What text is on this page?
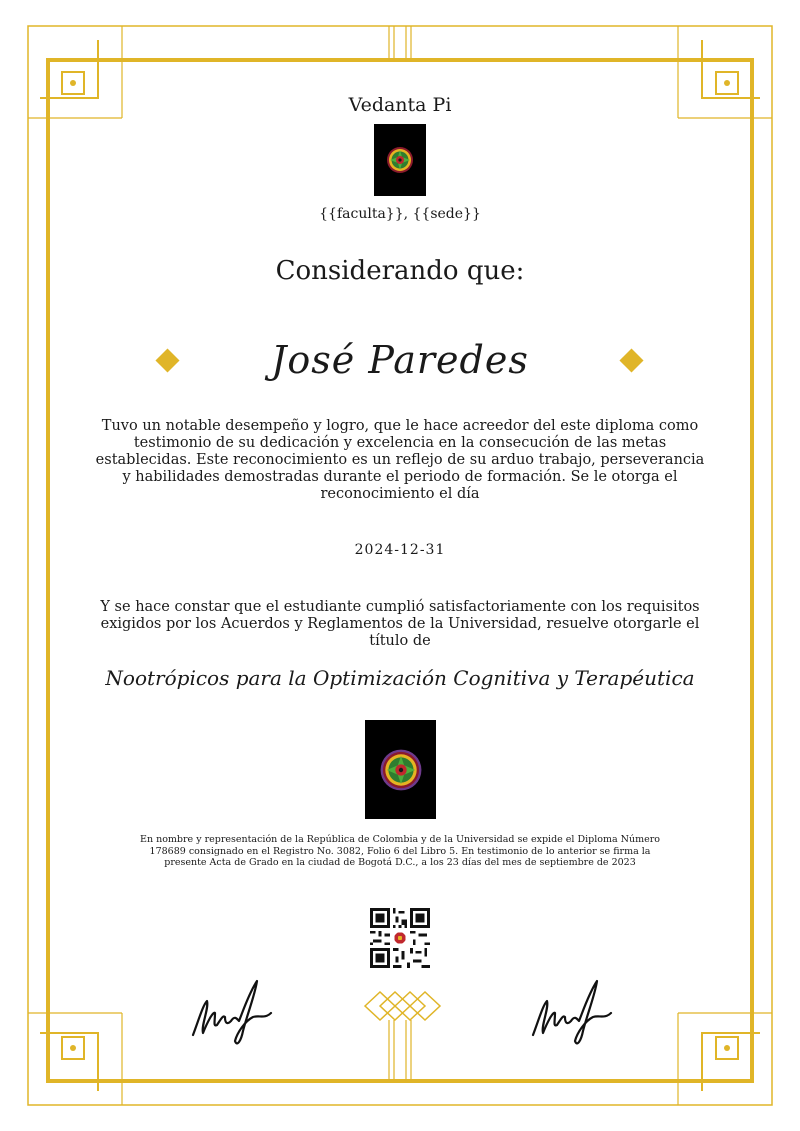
Vedanta Pi
{{faculta}}, {{sede}}
Considerando que:
José Paredes
Tuvo un notable desempeño y logro, que le hace acreedor del este diploma como testimonio de su dedicación y excelencia en la consecución de las metas establecidas. Este reconocimiento es un reflejo de su arduo trabajo, perseverancia y habilidades demostradas durante el periodo de formación. Se le otorga el reconocimiento el día
2024-12-31
Y se hace constar que el estudiante cumplió satisfactoriamente con los requisitos exigidos por los Acuerdos y Reglamentos de la Universidad, resuelve otorgarle el título de
Nootrópicos para la Optimización Cognitiva y Terapéutica
En nombre y representación de la República de Colombia y de la Universidad se expide el Diploma Número 178689 consignado en el Registro No. 3082, Folio 6 del Libro 5. En testimonio de lo anterior se firma la presente Acta de Grado en la ciudad de Bogotá D.C., a los 23 días del mes de septiembre de 2023
